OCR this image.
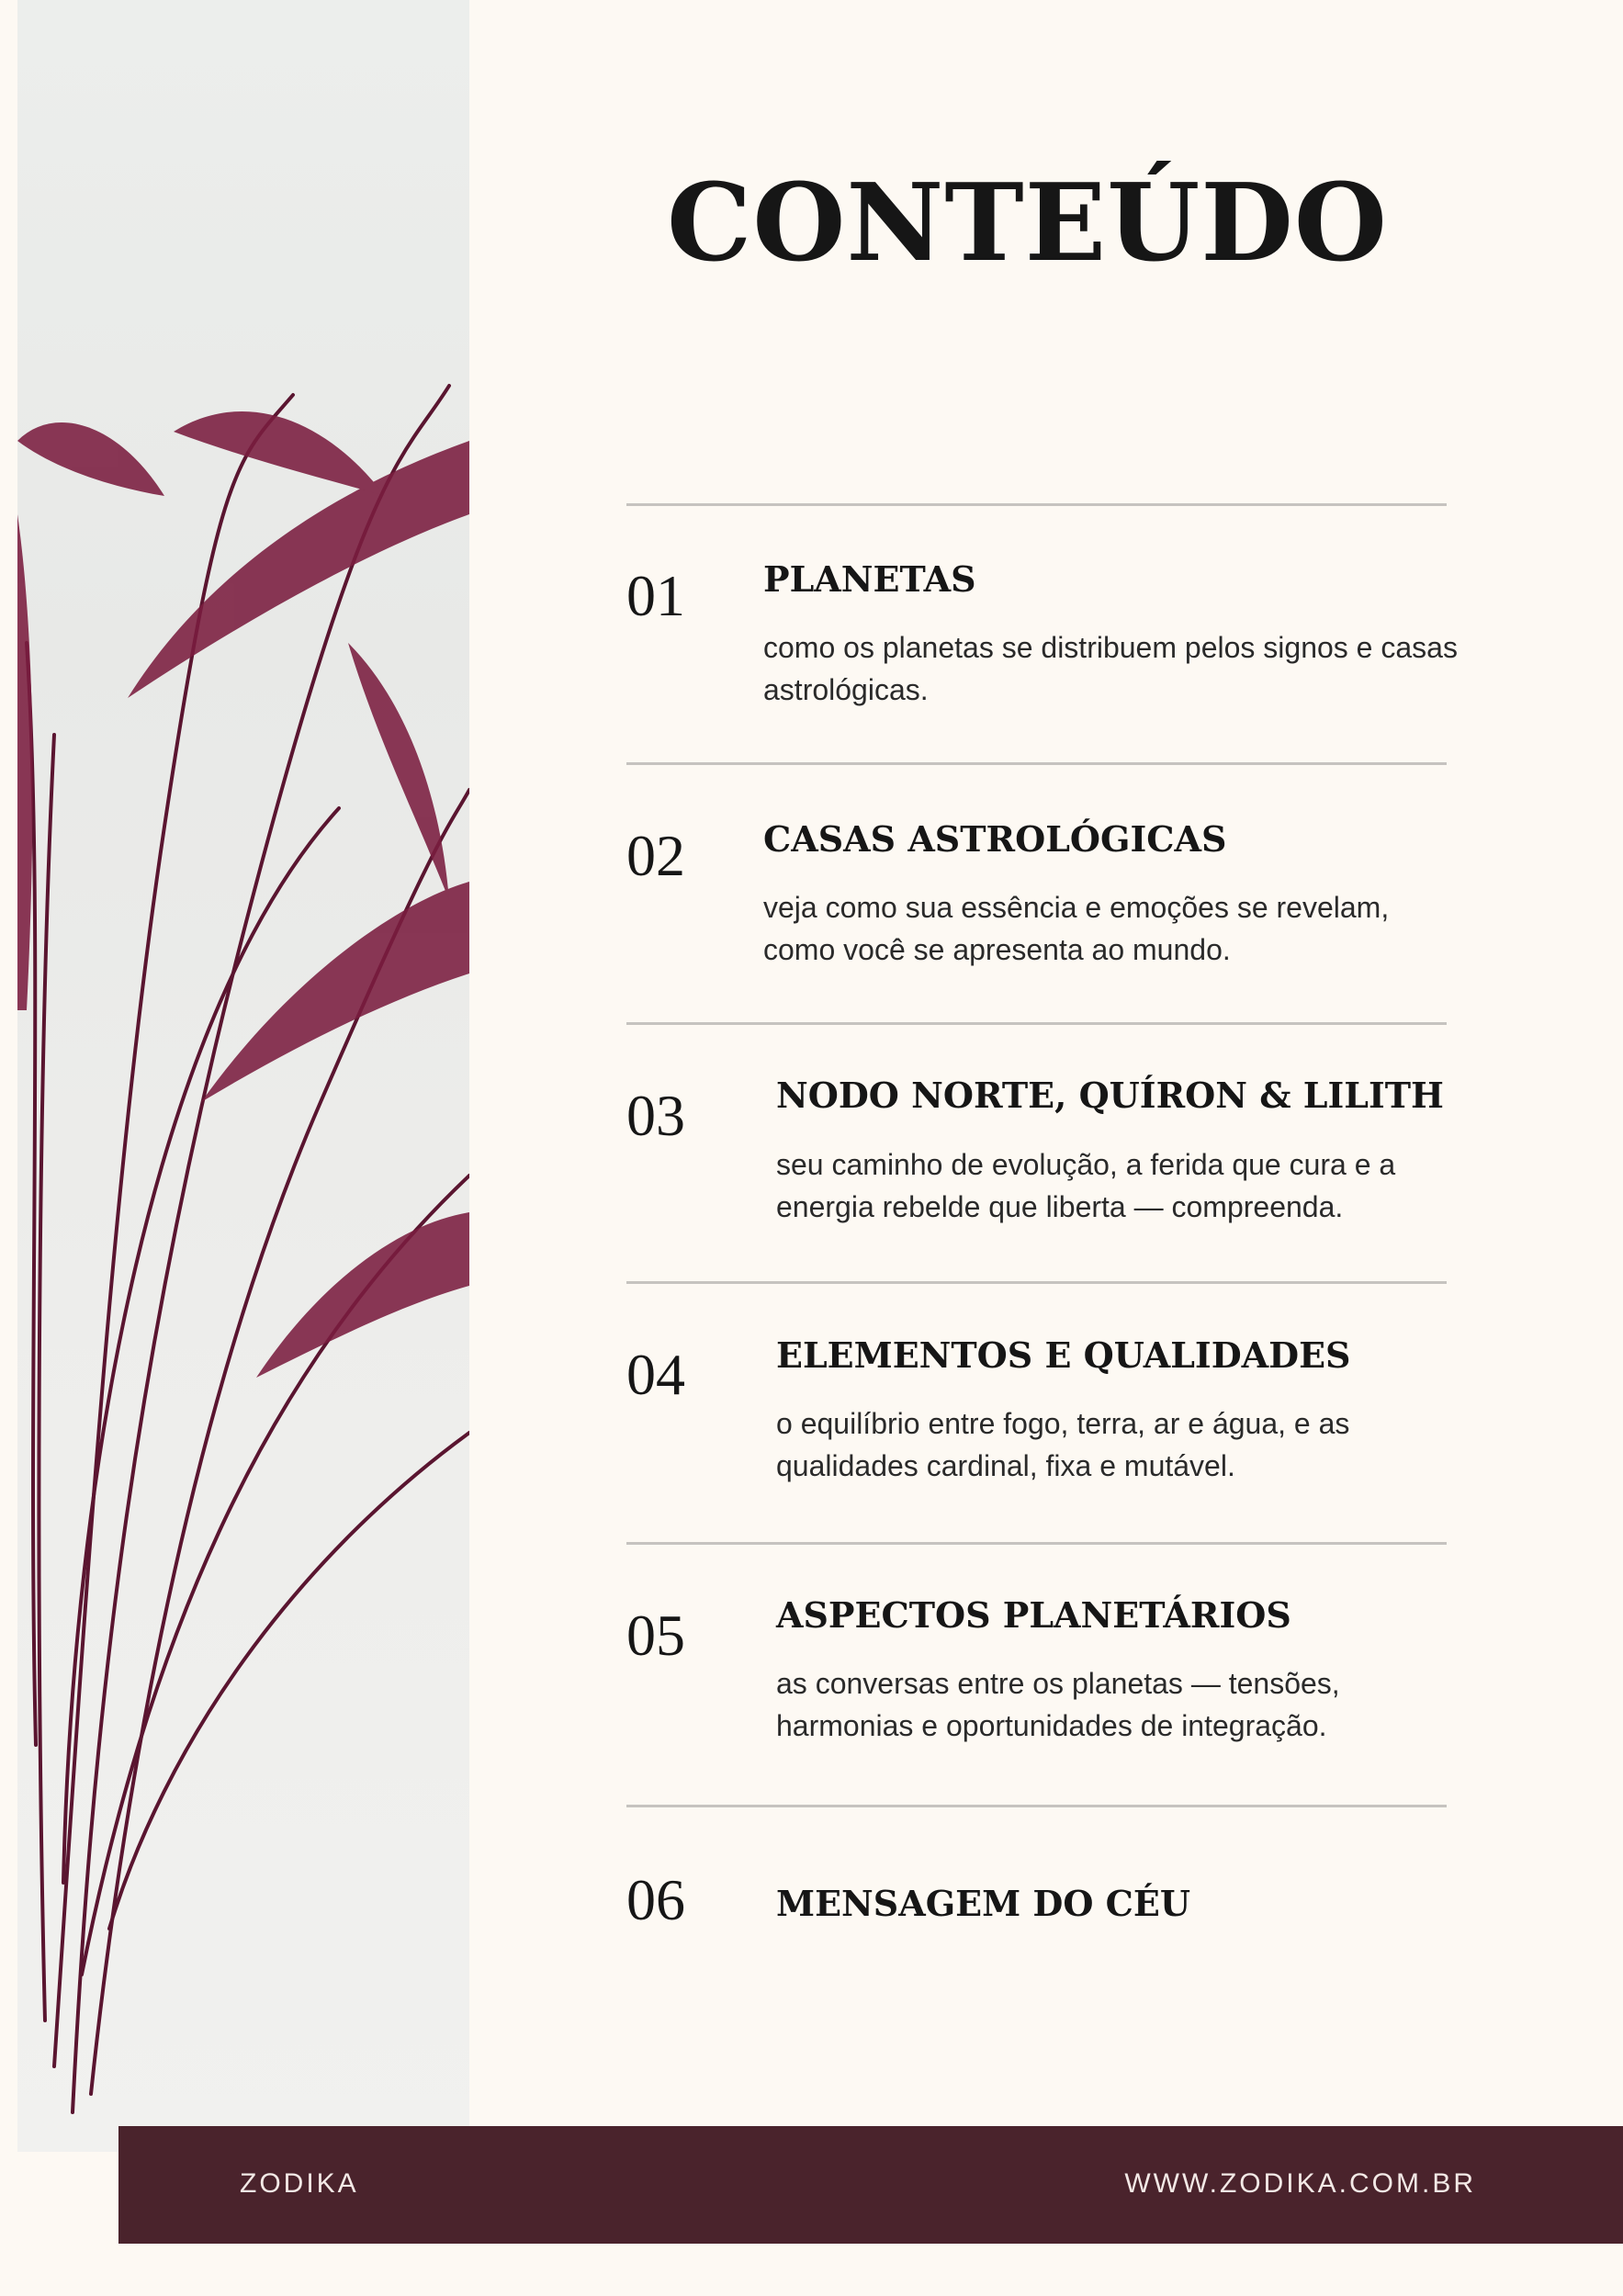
CONTEÚDO
01 PLANETAS
como os planetas se distribuem pelos signos e casas astrológicas.
02 CASAS ASTROLÓGICAS
veja como sua essência e emoções se revelam, como você se apresenta ao mundo.
03	NODO NORTE, QUÍRON & LILITH
seu caminho de evolução, a ferida que cura e a energia rebelde que liberta — compreenda.
04	ELEMENTOS E QUALIDADES
o equilíbrio entre fogo, terra, ar e água, e as qualidades cardinal, fixa e mutável.
05	ASPECTOS PLANETÁRIOS
as conversas entre os planetas — tensões, harmonias e oportunidades de integração.
06	MENSAGEM DO CÉU
ZODIKA	WWW.ZODIKA.COM.BR
